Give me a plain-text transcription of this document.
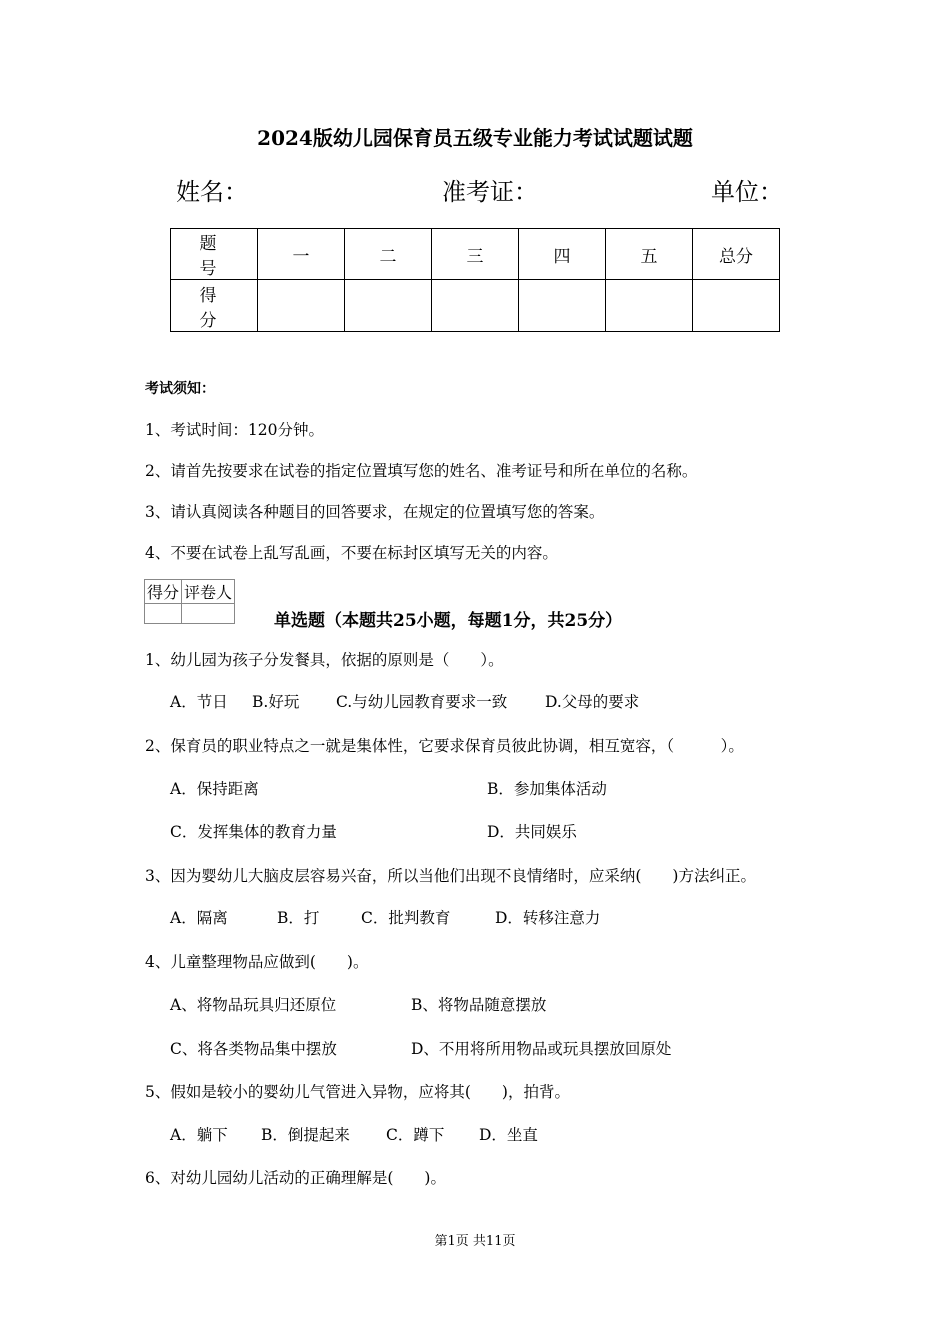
2024版幼儿园保育员五级专业能力考试试题试题
姓名：	准考证：	单位：
题　号	一	二	三	四	五	总分
得　分						
考试须知：
1、考试时间：120分钟。
2、请首先按要求在试卷的指定位置填写您的姓名、准考证号和所在单位的名称。
3、请认真阅读各种题目的回答要求，在规定的位置填写您的答案。
4、不要在试卷上乱写乱画，不要在标封区填写无关的内容。
得分	评卷人

单选题（本题共25小题，每题1分，共25分）
1、幼儿园为孩子分发餐具，依据的原则是（　　）。
A．节日 B.好玩 C.与幼儿园教育要求一致 D.父母的要求
2、保育员的职业特点之一就是集体性，它要求保育员彼此协调，相互宽容，（　　　）。
A．保持距离	B．参加集体活动
C．发挥集体的教育力量	D．共同娱乐
3、因为婴幼儿大脑皮层容易兴奋，所以当他们出现不良情绪时，应采纳(　　)方法纠正。
A．隔离	B．打	C．批判教育	D．转移注意力
4、儿童整理物品应做到(　　)。
A、将物品玩具归还原位	B、将物品随意摆放
C、将各类物品集中摆放	D、不用将所用物品或玩具摆放回原处
5、假如是较小的婴幼儿气管进入异物，应将其(　　)，拍背。
A．躺下 B．倒提起来 C．蹲下 D．坐直
6、对幼儿园幼儿活动的正确理解是(　　)。
第1页 共11页
